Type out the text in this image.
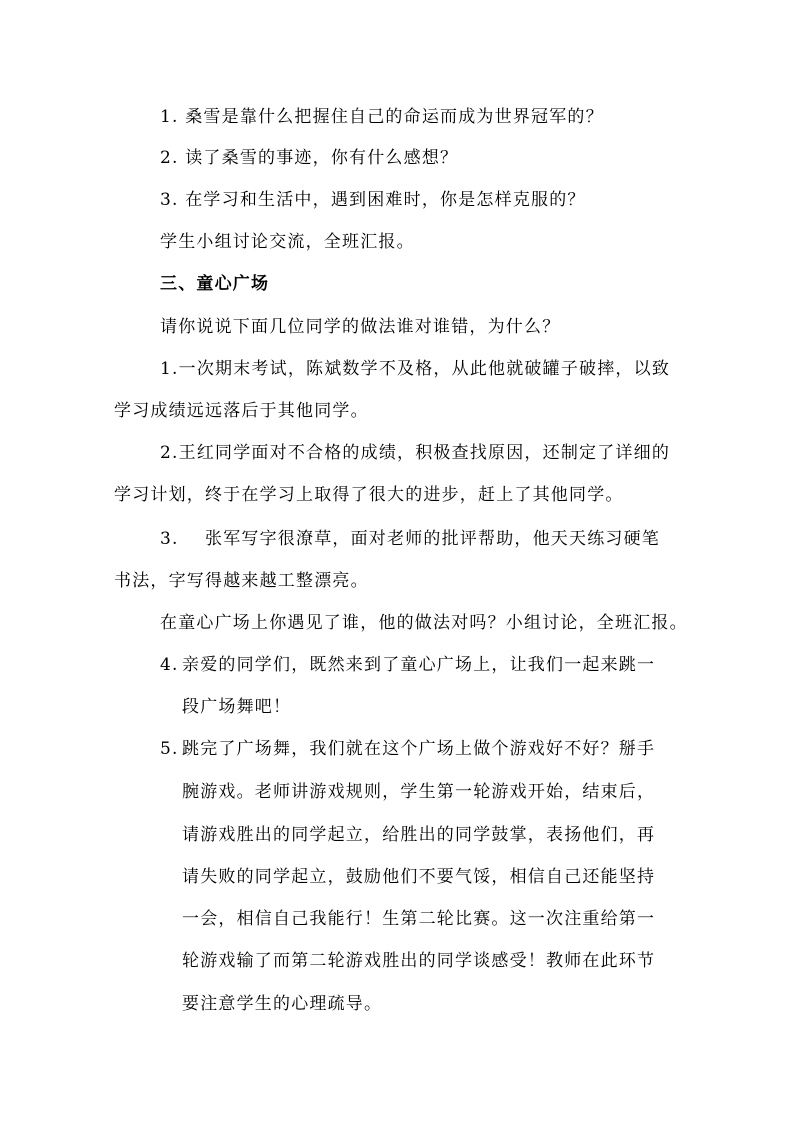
1. 桑雪是靠什么把握住自己的命运而成为世界冠军的？
2. 读了桑雪的事迹，你有什么感想？
3. 在学习和生活中，遇到困难时，你是怎样克服的？
学生小组讨论交流，全班汇报。
三、童心广场
请你说说下面几位同学的做法谁对谁错，为什么？
1.一次期末考试，陈斌数学不及格，从此他就破罐子破摔，以致
学习成绩远远落后于其他同学。
2.王红同学面对不合格的成绩，积极查找原因，还制定了详细的
学习计划，终于在学习上取得了很大的进步，赶上了其他同学。
3. 张军写字很潦草，面对老师的批评帮助，他天天练习硬笔
书法，字写得越来越工整漂亮。
在童心广场上你遇见了谁，他的做法对吗？小组讨论，全班汇报。
4. 亲爱的同学们，既然来到了童心广场上，让我们一起来跳一
段广场舞吧！
5. 跳完了广场舞，我们就在这个广场上做个游戏好不好？掰手
腕游戏。老师讲游戏规则，学生第一轮游戏开始，结束后，
请游戏胜出的同学起立，给胜出的同学鼓掌，表扬他们，再
请失败的同学起立，鼓励他们不要气馁，相信自己还能坚持
一会，相信自己我能行！生第二轮比赛。这一次注重给第一
轮游戏输了而第二轮游戏胜出的同学谈感受！教师在此环节
要注意学生的心理疏导。
